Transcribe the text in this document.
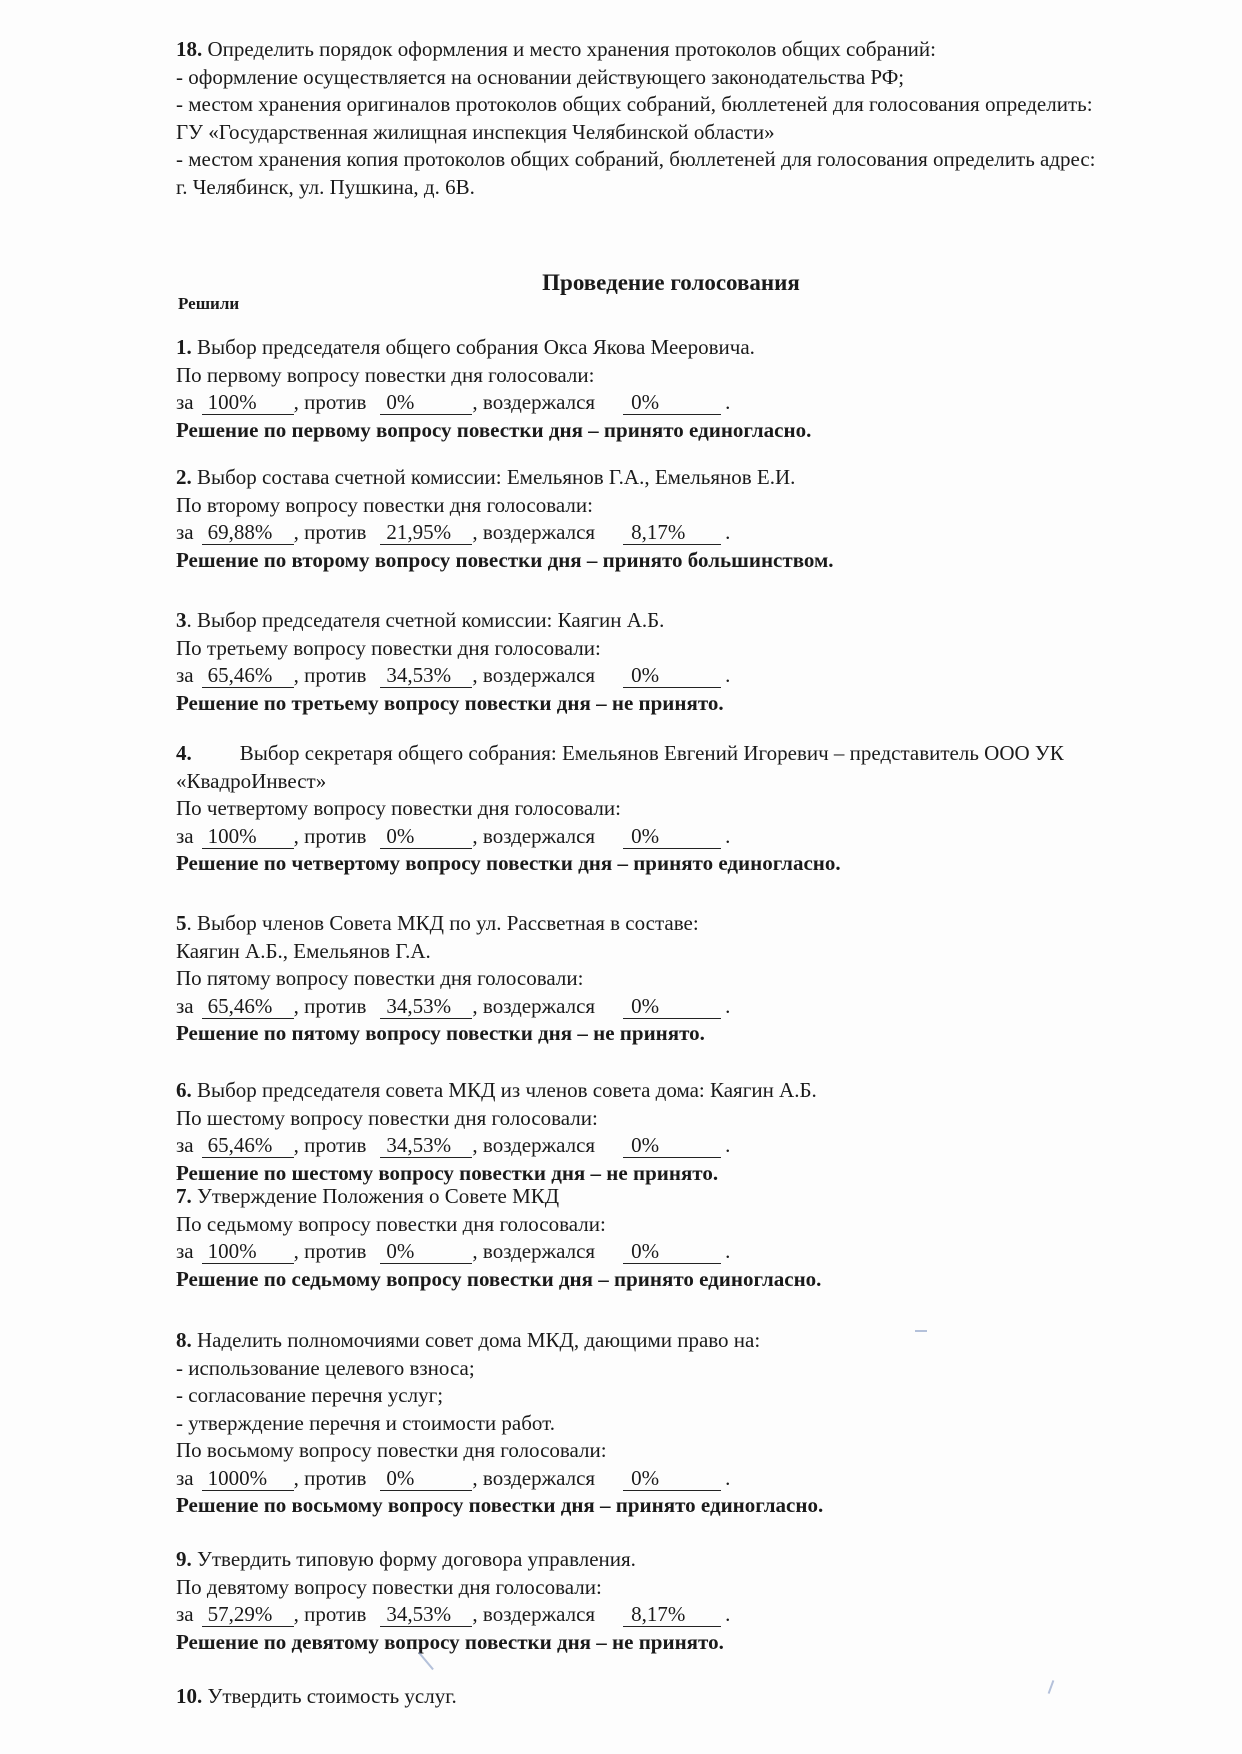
18. Определить порядок оформления и место хранения протоколов общих собраний:
- оформление осуществляется на основании действующего законодательства РФ;
- местом хранения оригиналов протоколов общих собраний, бюллетеней для голосования определить:
ГУ «Государственная жилищная инспекция Челябинской области»
- местом хранения копия протоколов общих собраний, бюллетеней для голосования определить адрес:
г. Челябинск, ул. Пушкина, д. 6В.
Проведение голосования
Решили
1. Выбор председателя общего собрания Окса Якова Мееровича.
По первому вопросу повестки дня голосовали:
за 100% , против 0%	, воздержался 0%	.
Решение по первому вопросу повестки дня – принято единогласно.
2. Выбор состава счетной комиссии: Емельянов Г.А., Емельянов Е.И.
По второму вопросу повестки дня голосовали:
за 69,88% , против 21,95% , воздержался 8,17% .
Решение по второму вопросу повестки дня – принято большинством.
3. Выбор председателя счетной комиссии: Каягин А.Б.
По третьему вопросу повестки дня голосовали:
за 65,46% , против 34,53% , воздержался 0%	.
Решение по третьему вопросу повестки дня – не принято.
4. Выбор секретаря общего собрания: Емельянов Евгений Игоревич – представитель ООО УК
«КвадроИнвест»
По четвертому вопросу повестки дня голосовали:
за 100% , против 0%	, воздержался 0%	.
Решение по четвертому вопросу повестки дня – принято единогласно.
5. Выбор членов Совета МКД по ул. Рассветная в составе:
Каягин А.Б., Емельянов Г.А.
По пятому вопросу повестки дня голосовали:
за 65,46% , против 34,53% , воздержался 0%	.
Решение по пятому вопросу повестки дня – не принято.
6. Выбор председателя совета МКД из членов совета дома: Каягин А.Б.
По шестому вопросу повестки дня голосовали:
за 65,46% , против 34,53% , воздержался 0%	.
Решение по шестому вопросу повестки дня – не принято.
7. Утверждение Положения о Совете МКД
По седьмому вопросу повестки дня голосовали:
за 100% , против 0%	, воздержался 0%	.
Решение по седьмому вопросу повестки дня – принято единогласно.
8. Наделить полномочиями совет дома МКД, дающими право на:
- использование целевого взноса;
- согласование перечня услуг;
- утверждение перечня и стоимости работ.
По восьмому вопросу повестки дня голосовали:
за 1000% , против 0%	, воздержался 0%	.
Решение по восьмому вопросу повестки дня – принято единогласно.
9. Утвердить типовую форму договора управления.
По девятому вопросу повестки дня голосовали:
за 57,29% , против 34,53% , воздержался 8,17% .
Решение по девятому вопросу повестки дня – не принято.
10. Утвердить стоимость услуг.
